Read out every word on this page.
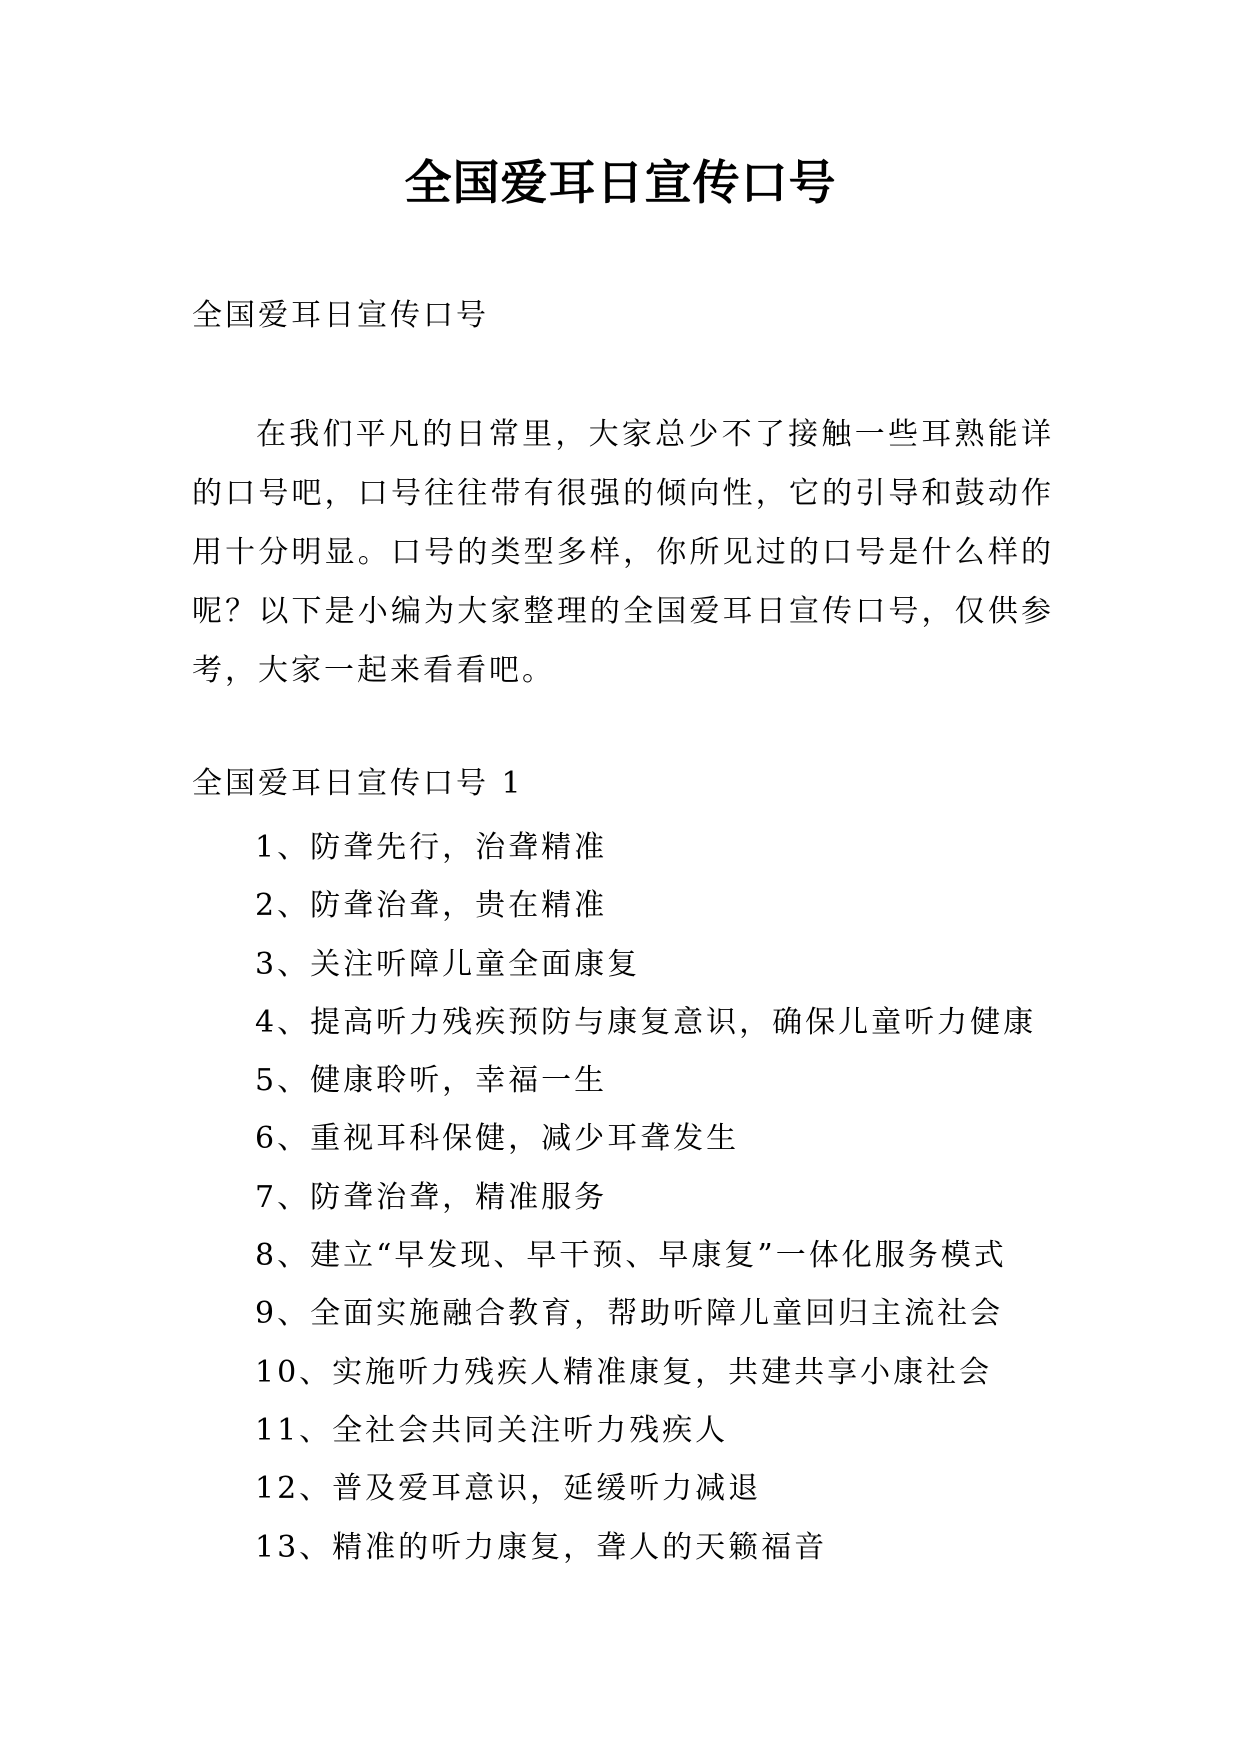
全国爱耳日宣传口号
全国爱耳日宣传口号

在我们平凡的日常里，大家总少不了接触一些耳熟能详的口号吧，口号往往带有很强的倾向性，它的引导和鼓动作用十分明显。口号的类型多样，你所见过的口号是什么样的呢？以下是小编为大家整理的全国爱耳日宣传口号，仅供参考，大家一起来看看吧。

全国爱耳日宣传口号 1
1、防聋先行，治聋精准
2、防聋治聋，贵在精准
3、关注听障儿童全面康复
4、提高听力残疾预防与康复意识，确保儿童听力健康
5、健康聆听，幸福一生
6、重视耳科保健，减少耳聋发生
7、防聋治聋，精准服务
8、建立“早发现、早干预、早康复”一体化服务模式
9、全面实施融合教育，帮助听障儿童回归主流社会
10、实施听力残疾人精准康复，共建共享小康社会
11、全社会共同关注听力残疾人
12、普及爱耳意识，延缓听力减退
13、精准的听力康复，聋人的天籁福音
